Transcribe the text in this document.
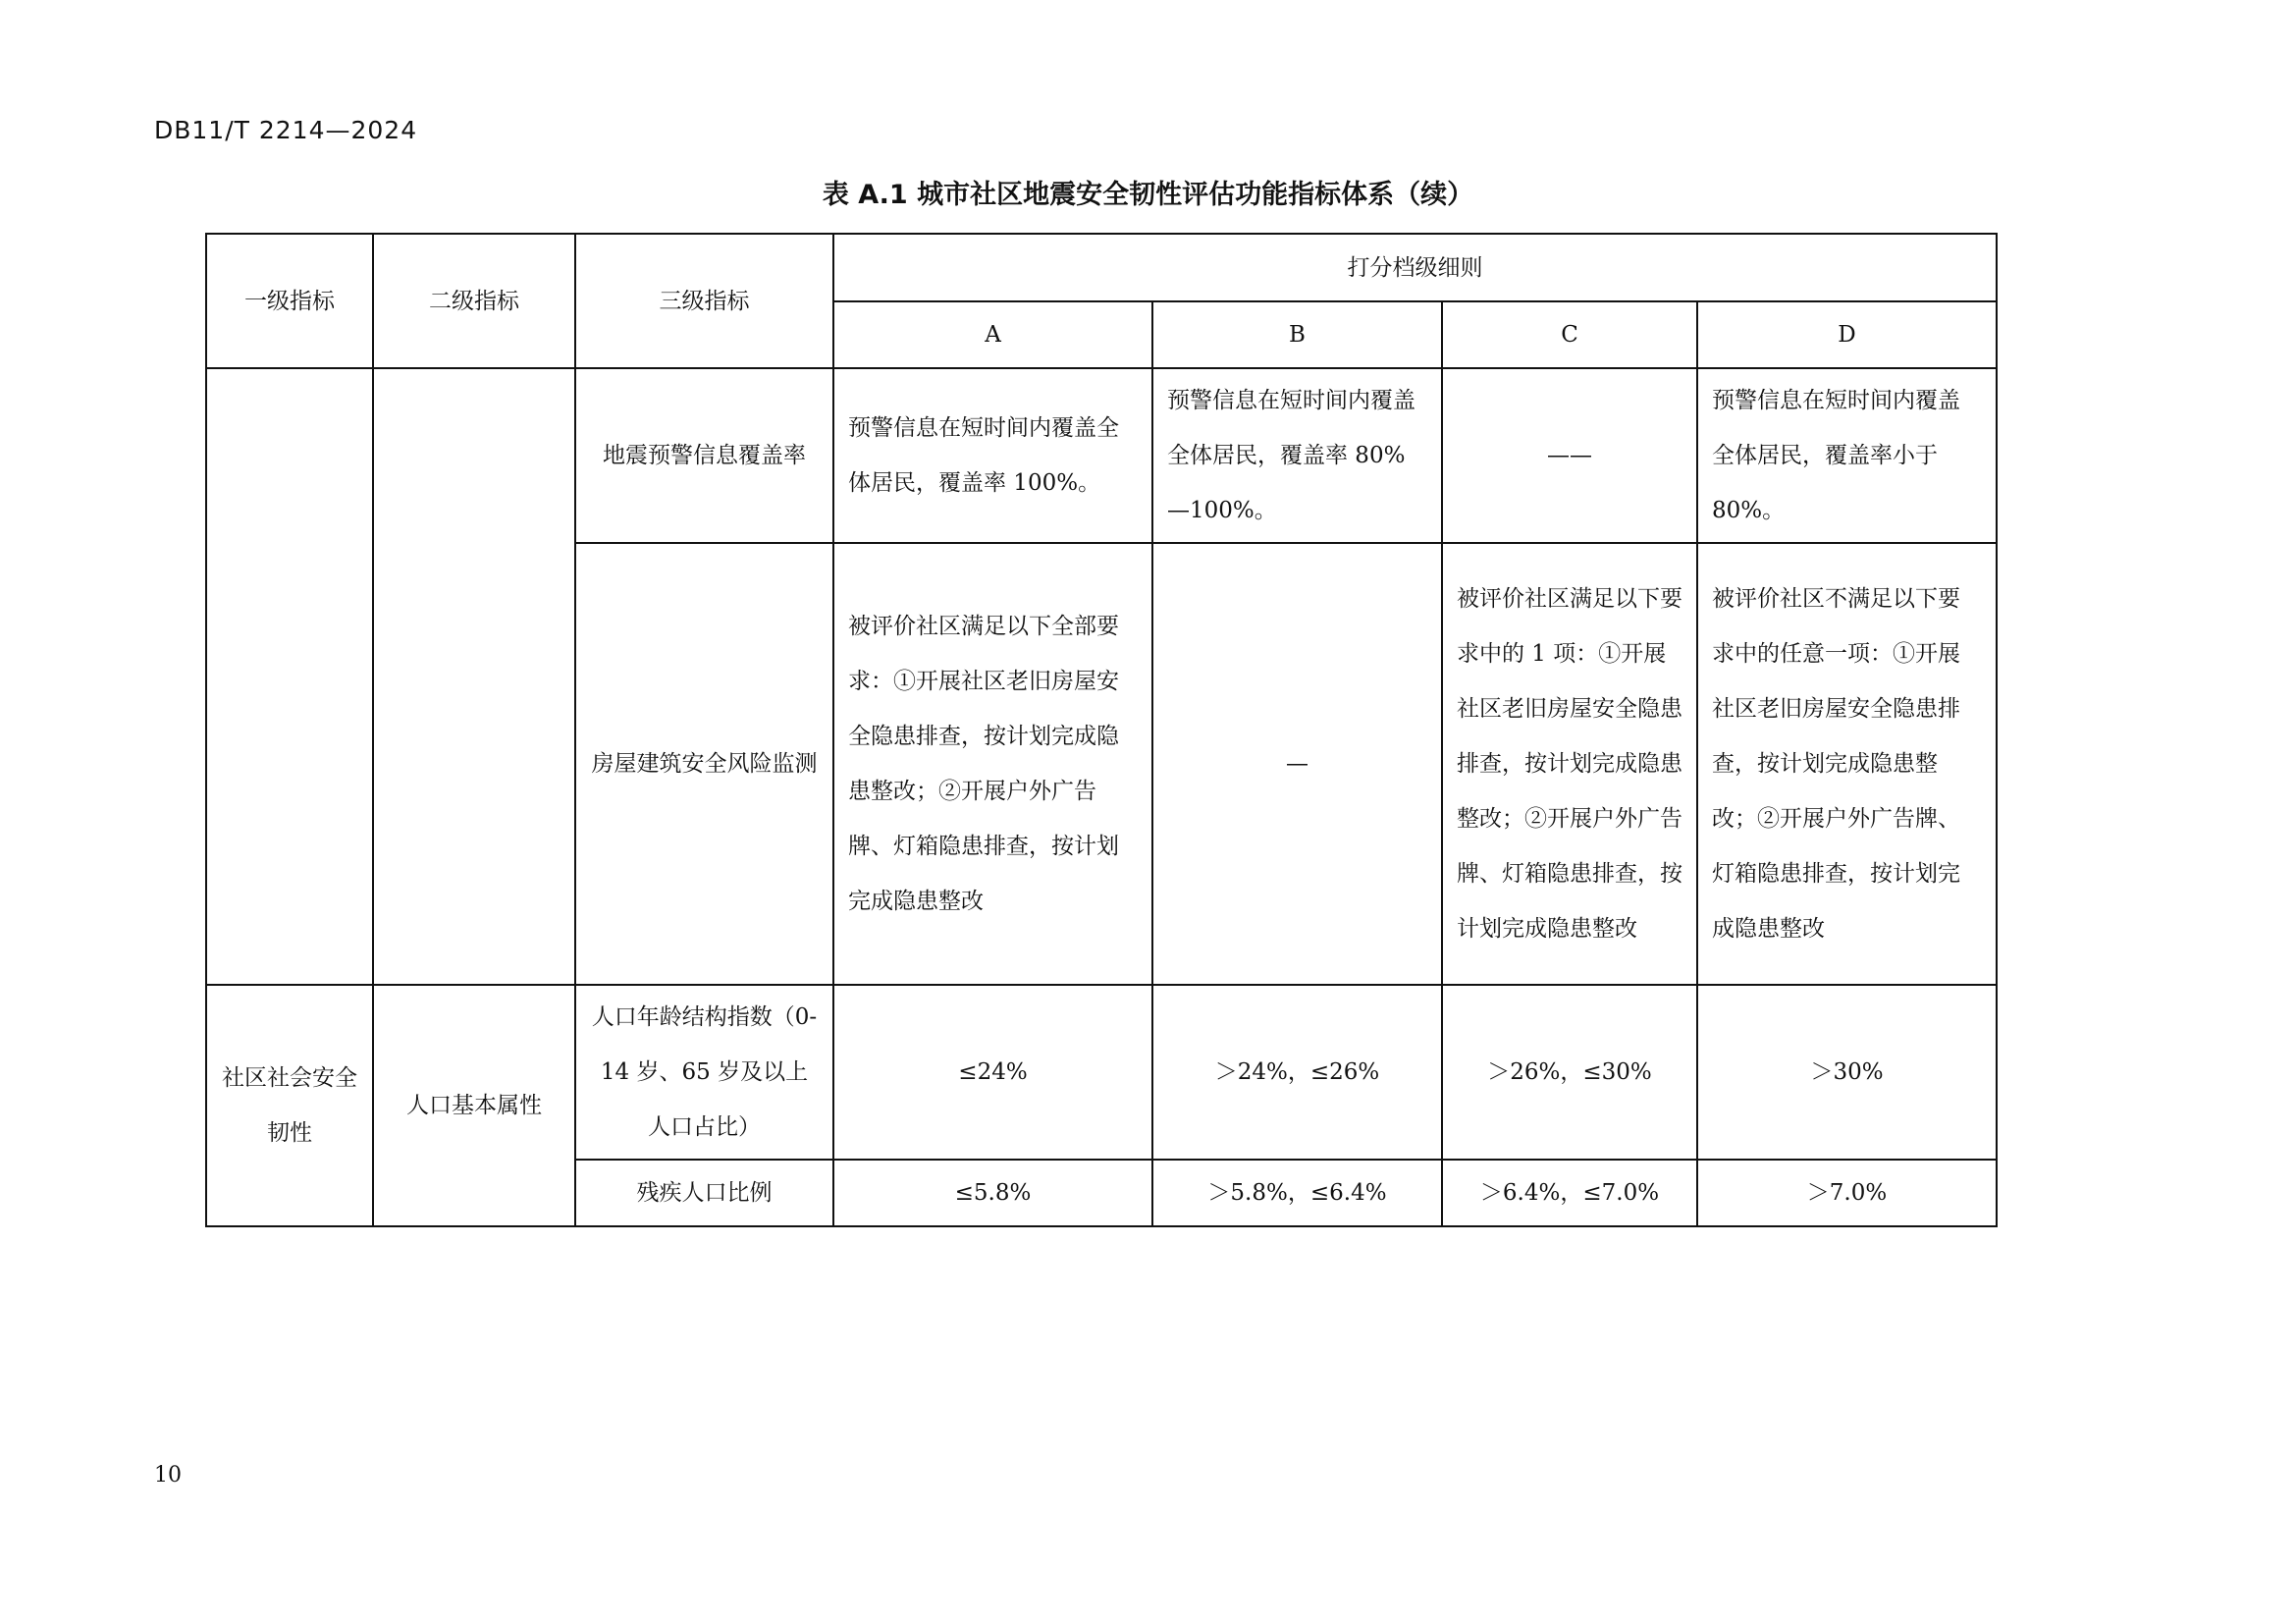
DB11/T 2214—2024
表 A.1 城市社区地震安全韧性评估功能指标体系（续）
一级指标	二级指标	三级指标	打分档级细则			

			A	B	C	D

		地震预警信息覆盖率	预警信息在短时间内覆盖全体居民，覆盖率 100%。	预警信息在短时间内覆盖全体居民，覆盖率 80%—100%。	——	预警信息在短时间内覆盖全体居民，覆盖率小于 80%。

		房屋建筑安全风险监测	被评价社区满足以下全部要求：①开展社区老旧房屋安全隐患排查，按计划完成隐患整改；②开展户外广告牌、灯箱隐患排查，按计划完成隐患整改	—	被评价社区满足以下要求中的 1 项：①开展社区老旧房屋安全隐患排查，按计划完成隐患整改；②开展户外广告牌、灯箱隐患排查，按计划完成隐患整改	被评价社区不满足以下要求中的任意一项：①开展社区老旧房屋安全隐患排查，按计划完成隐患整改；②开展户外广告牌、灯箱隐患排查，按计划完成隐患整改

社区社会安全韧性	人口基本属性	人口年龄结构指数（0-14 岁、65 岁及以上人口占比）	≤24%	＞24%，≤26%	＞26%，≤30%	＞30%

		残疾人口比例	≤5.8%	＞5.8%，≤6.4%	＞6.4%，≤7.0%	＞7.0%
10
